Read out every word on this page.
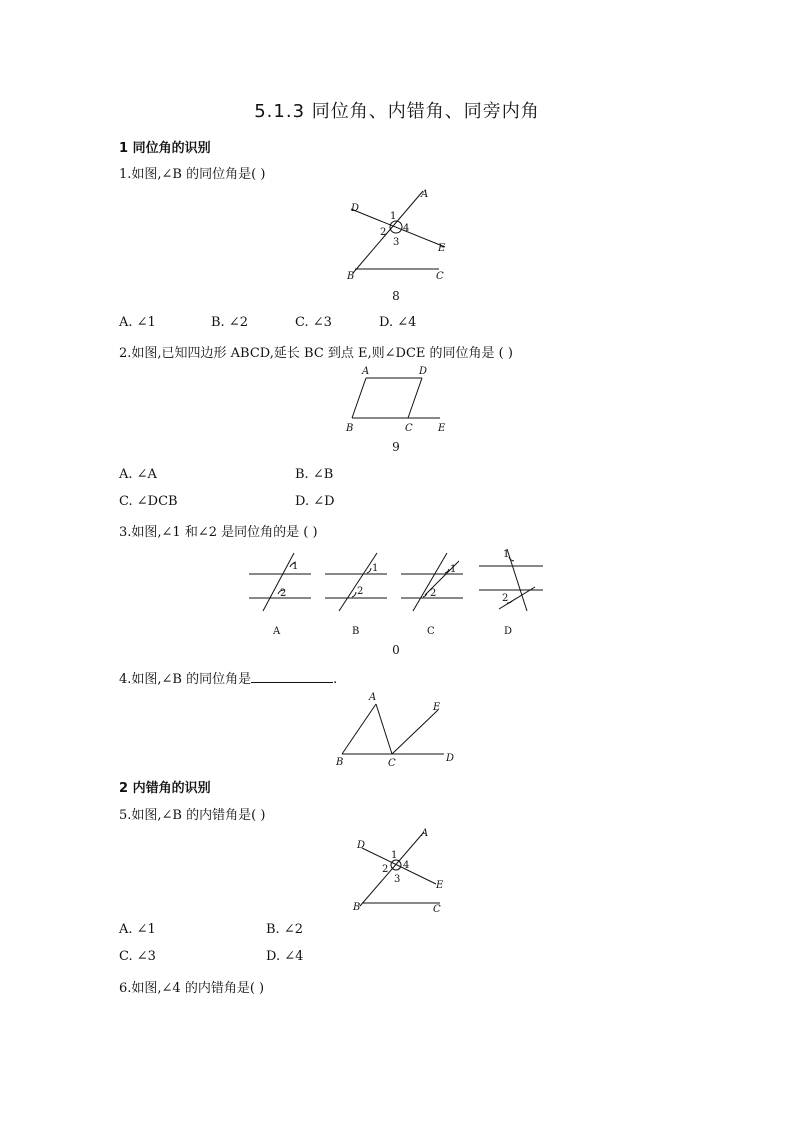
5.1.3 同位角、内错角、同旁内角
1 同位角的识别
1.如图,∠B 的同位角是( )
D
A
E
B	C
1
2
3
4
8
A. ∠1	B. ∠2	C. ∠3	D. ∠4
2.如图,已知四边形 ABCD,延长 BC 到点 E,则∠DCE 的同位角是 ( )
A	D
B	C	E
9
A. ∠A	B. ∠B
C. ∠DCB	D. ∠D
3.如图,∠1 和∠2 是同位角的是 ( )
1
2
1
2
1
2
1
2
A	B	C	D
0
4.如图,∠B 的同位角是	.
A
E
B	C	D
2 内错角的识别
5.如图,∠B 的内错角是( )
D
A
E
B	C
1
2
3
4
A. ∠1	B. ∠2
C. ∠3	D. ∠4
6.如图,∠4 的内错角是( )
